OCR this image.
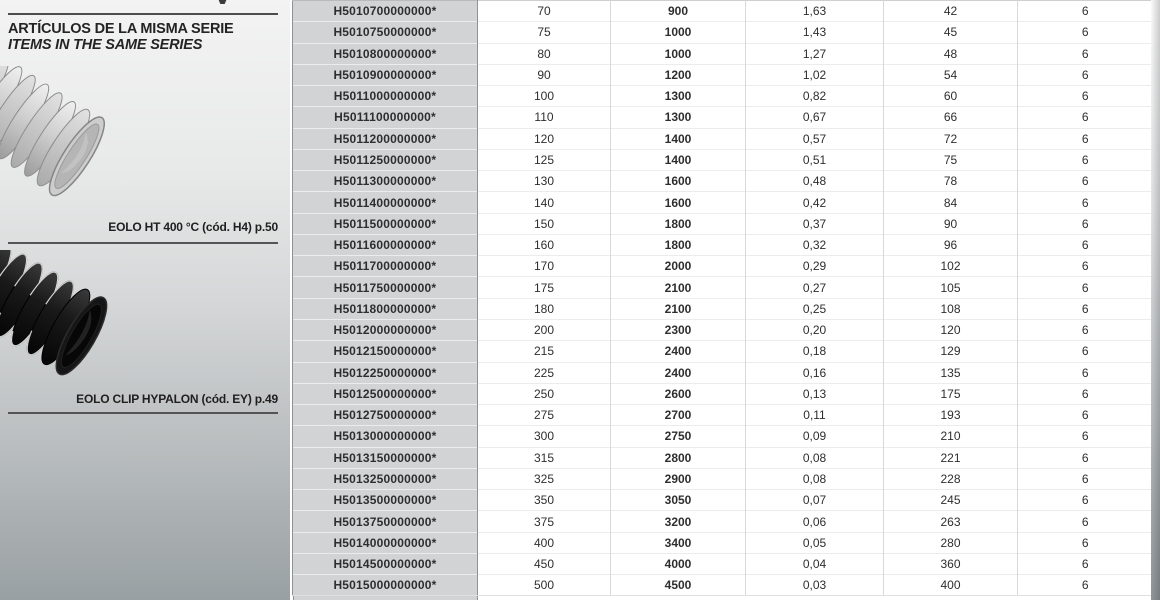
ARTÍCULOS DE LA MISMA SERIE
ITEMS IN THE SAME SERIES
EOLO HT 400 °C (cód. H4) p.50
EOLO CLIP HYPALON (cód. EY) p.49
H5010700000000*	70	900	1,63	42	6
H5010750000000*	75	1000	1,43	45	6
H5010800000000*	80	1000	1,27	48	6
H5010900000000*	90	1200	1,02	54	6
H5011000000000*	100	1300	0,82	60	6
H5011100000000*	110	1300	0,67	66	6
H5011200000000*	120	1400	0,57	72	6
H5011250000000*	125	1400	0,51	75	6
H5011300000000*	130	1600	0,48	78	6
H5011400000000*	140	1600	0,42	84	6
H5011500000000*	150	1800	0,37	90	6
H5011600000000*	160	1800	0,32	96	6
H5011700000000*	170	2000	0,29	102	6
H5011750000000*	175	2100	0,27	105	6
H5011800000000*	180	2100	0,25	108	6
H5012000000000*	200	2300	0,20	120	6
H5012150000000*	215	2400	0,18	129	6
H5012250000000*	225	2400	0,16	135	6
H5012500000000*	250	2600	0,13	175	6
H5012750000000*	275	2700	0,11	193	6
H5013000000000*	300	2750	0,09	210	6
H5013150000000*	315	2800	0,08	221	6
H5013250000000*	325	2900	0,08	228	6
H5013500000000*	350	3050	0,07	245	6
H5013750000000*	375	3200	0,06	263	6
H5014000000000*	400	3400	0,05	280	6
H5014500000000*	450	4000	0,04	360	6
H5015000000000*	500	4500	0,03	400	6
